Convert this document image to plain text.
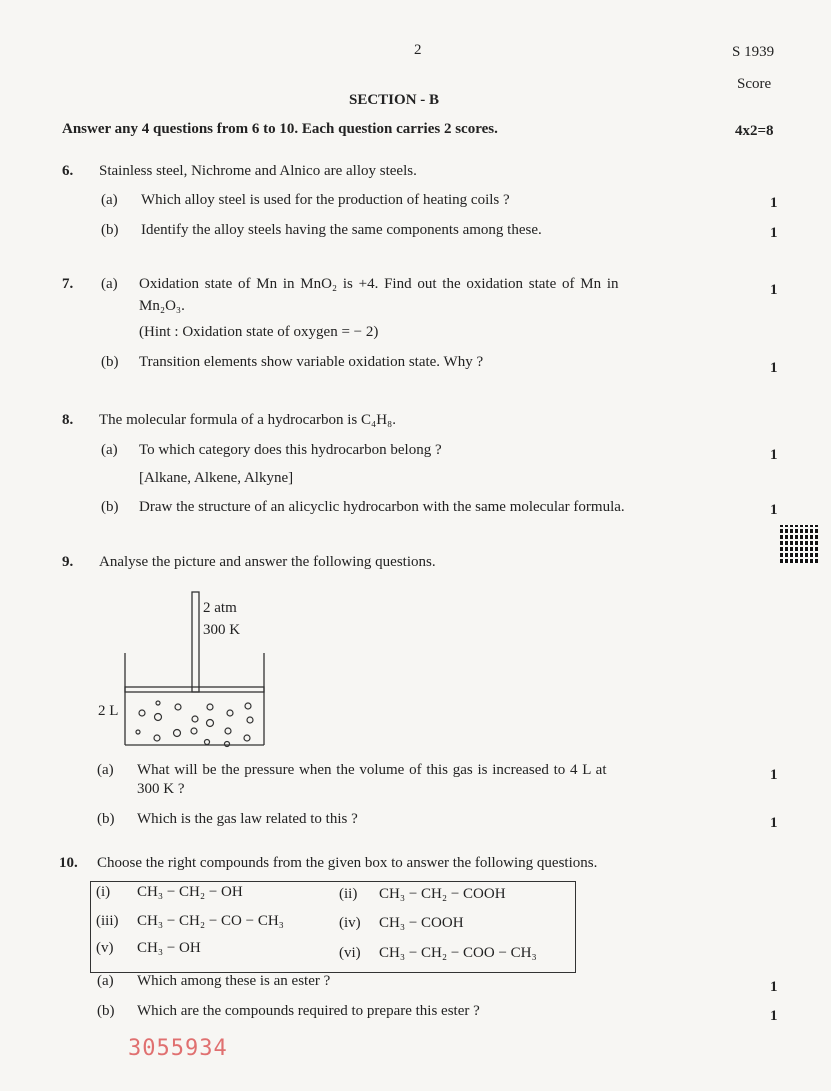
2	S 1939
Score
SECTION - B
Answer any 4 questions from 6 to 10. Each question carries 2 scores.	4x2=8
6. Stainless steel, Nichrome and Alnico are alloy steels.
(a) Which alloy steel is used for the production of heating coils ?	1
(b) Identify the alloy steels having the same components among these.	1
7. (a) Oxidation state of Mn in MnO₂ is +4. Find out the oxidation state of Mn in	1
Mn₂O₃.
(Hint : Oxidation state of oxygen = − 2)
(b) Transition elements show variable oxidation state. Why ?	1
8. The molecular formula of a hydrocarbon is C₄H₈.
(a) To which category does this hydrocarbon belong ?	1
[Alkane, Alkene, Alkyne]
(b) Draw the structure of an alicyclic hydrocarbon with the same molecular formula.	1
9. Analyse the picture and answer the following questions.
2 atm
300 K
2 L
(a) What will be the pressure when the volume of this gas is increased to 4 L at	1
300 K ?
(b) Which is the gas law related to this ?	1
10. Choose the right compounds from the given box to answer the following questions.
(i) CH₃ − CH₂ − OH	(ii) CH₃ − CH₂ − COOH
(iii) CH₃ − CH₂ − CO − CH₃	(iv) CH₃ − COOH
(v) CH₃ − OH	(vi) CH₃ − CH₂ − COO − CH₃
(a) Which among these is an ester ?	1
(b) Which are the compounds required to prepare this ester ?	1
3055934
